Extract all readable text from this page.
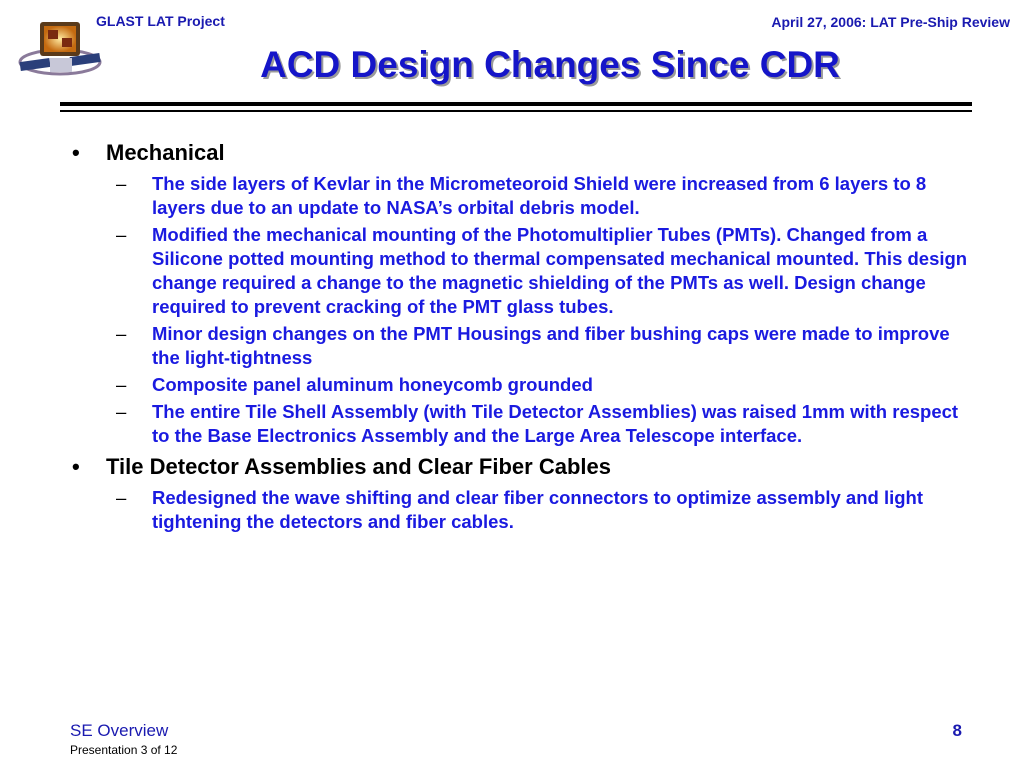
GLAST LAT Project	April 27, 2006: LAT Pre-Ship Review
ACD Design Changes Since CDR
• Mechanical
– The side layers of Kevlar in the Micrometeoroid Shield were increased from 6 layers to 8 layers due to an update to NASA’s orbital debris model.
– Modified the mechanical mounting of the Photomultiplier Tubes (PMTs). Changed from a Silicone potted mounting method to thermal compensated mechanical mounted. This design change required a change to the magnetic shielding of the PMTs as well. Design change required to prevent cracking of the PMT glass tubes.
– Minor design changes on the PMT Housings and fiber bushing caps were made to improve the light-tightness
– Composite panel aluminum honeycomb grounded
– The entire Tile Shell Assembly (with Tile Detector Assemblies) was raised 1mm with respect to the Base Electronics Assembly and the Large Area Telescope interface.
• Tile Detector Assemblies and Clear Fiber Cables
– Redesigned the wave shifting and clear fiber connectors to optimize assembly and light tightening the detectors and fiber cables.
SE Overview
Presentation 3 of 12
8
